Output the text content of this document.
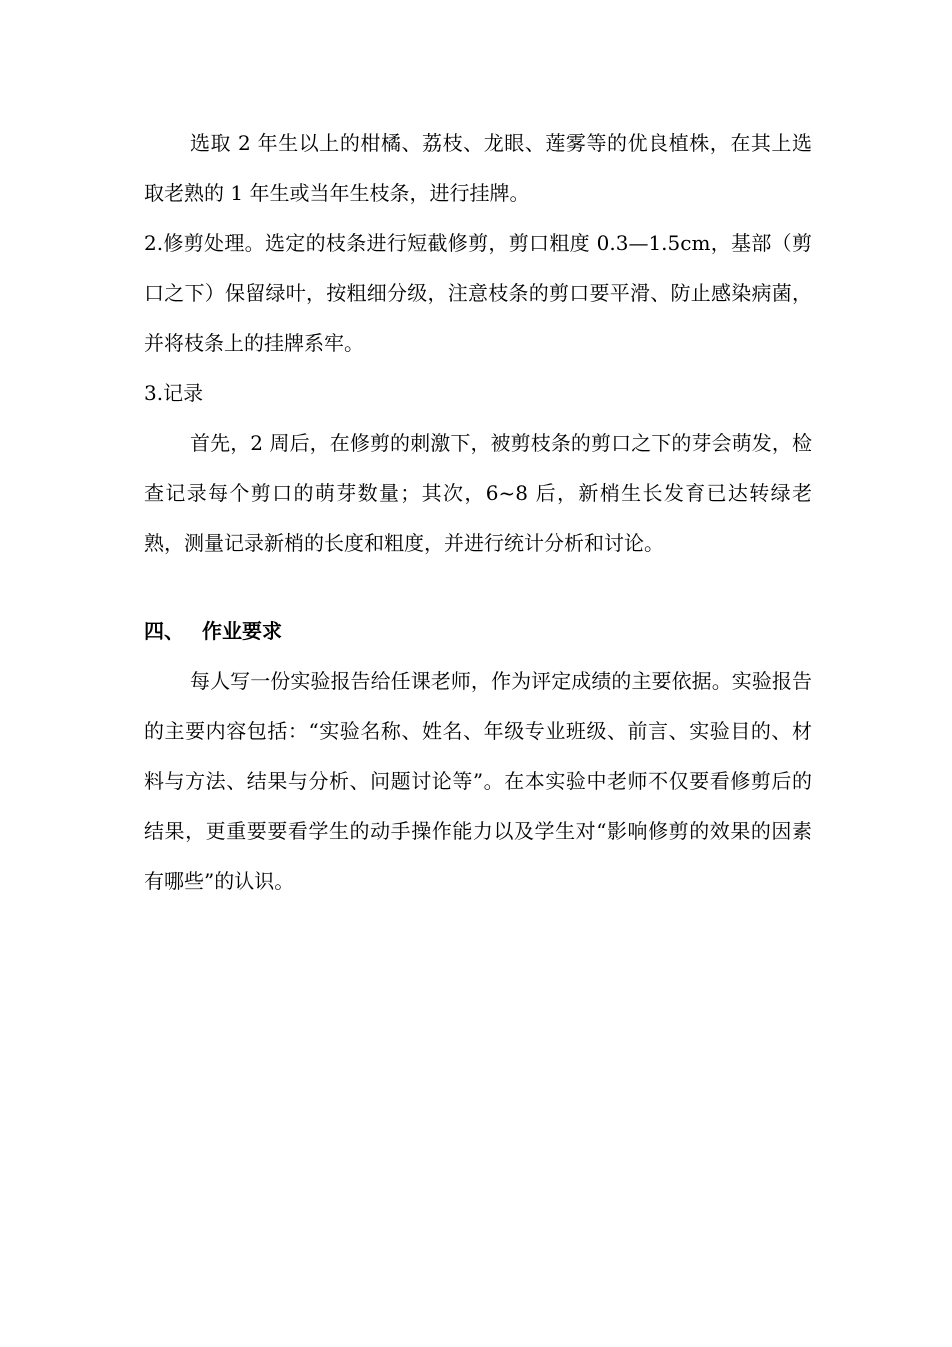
选取 2 年生以上的柑橘、荔枝、龙眼、莲雾等的优良植株，在其上选取老熟的 1 年生或当年生枝条，进行挂牌。

2.修剪处理。选定的枝条进行短截修剪，剪口粗度 0.3—1.5cm，基部（剪口之下）保留绿叶，按粗细分级，注意枝条的剪口要平滑、防止感染病菌，并将枝条上的挂牌系牢。

3.记录

首先，2 周后，在修剪的刺激下，被剪枝条的剪口之下的芽会萌发，检查记录每个剪口的萌芽数量；其次，6~8 后，新梢生长发育已达转绿老熟，测量记录新梢的长度和粗度，并进行统计分析和讨论。

四、 作业要求

每人写一份实验报告给任课老师，作为评定成绩的主要依据。实验报告的主要内容包括：“实验名称、姓名、年级专业班级、前言、实验目的、材料与方法、结果与分析、问题讨论等”。在本实验中老师不仅要看修剪后的结果，更重要要看学生的动手操作能力以及学生对“影响修剪的效果的因素有哪些”的认识。
